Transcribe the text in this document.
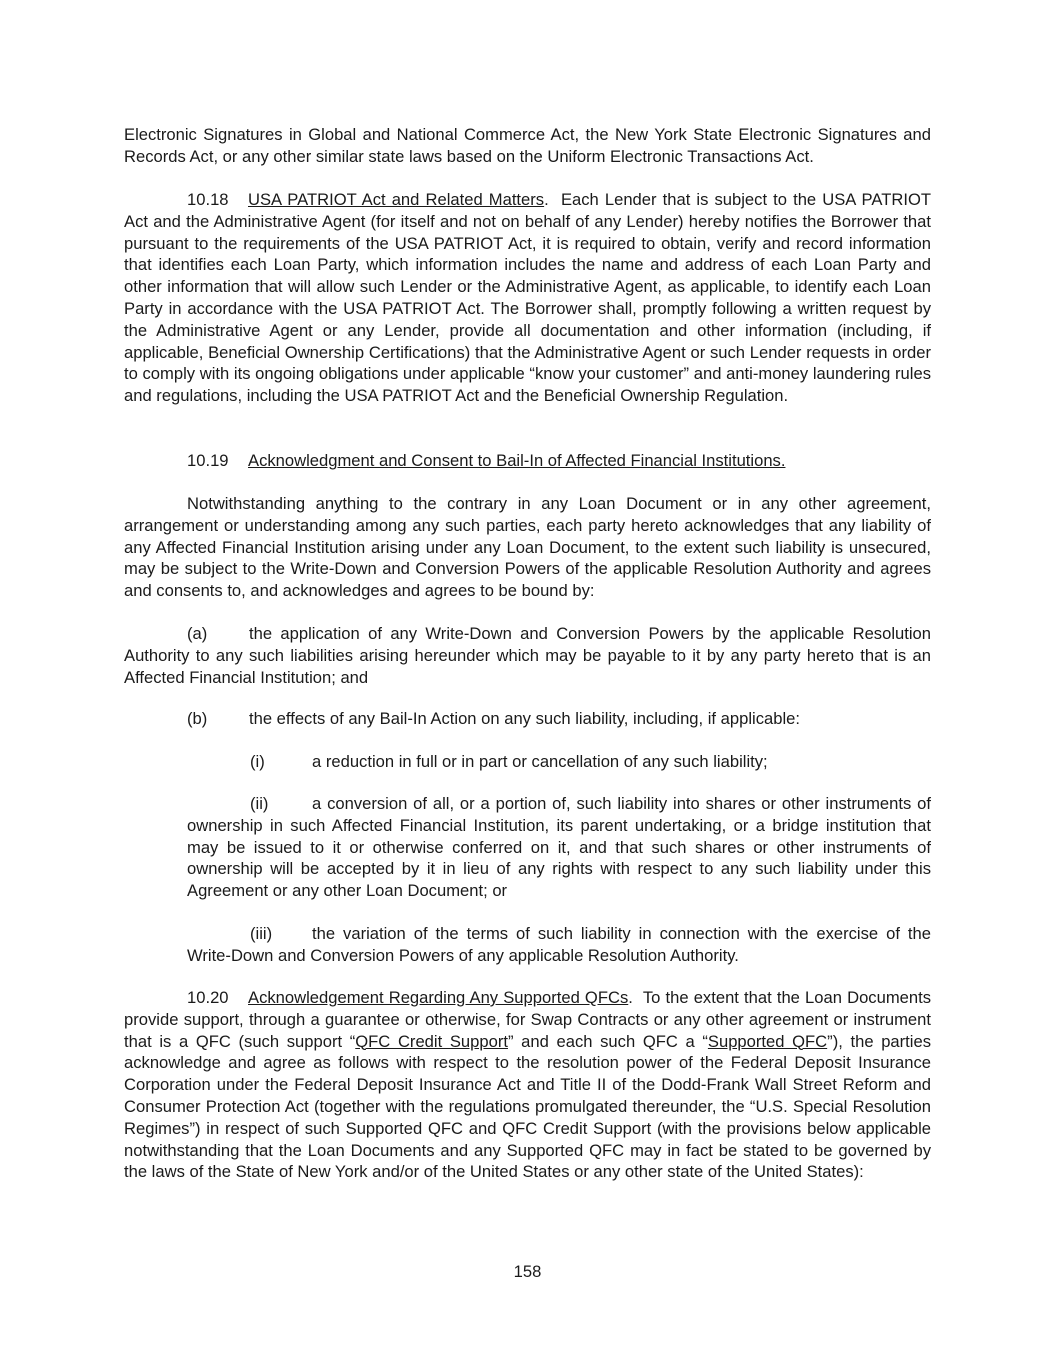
Electronic Signatures in Global and National Commerce Act, the New York State Electronic Signatures and Records Act, or any other similar state laws based on the Uniform Electronic Transactions Act.

10.18 USA PATRIOT Act and Related Matters. Each Lender that is subject to the USA PATRIOT Act and the Administrative Agent (for itself and not on behalf of any Lender) hereby notifies the Borrower that pursuant to the requirements of the USA PATRIOT Act, it is required to obtain, verify and record information that identifies each Loan Party, which information includes the name and address of each Loan Party and other information that will allow such Lender or the Administrative Agent, as applicable, to identify each Loan Party in accordance with the USA PATRIOT Act. The Borrower shall, promptly following a written request by the Administrative Agent or any Lender, provide all documentation and other information (including, if applicable, Beneficial Ownership Certifications) that the Administrative Agent or such Lender requests in order to comply with its ongoing obligations under applicable “know your customer” and anti-money laundering rules and regulations, including the USA PATRIOT Act and the Beneficial Ownership Regulation.

10.19 Acknowledgment and Consent to Bail-In of Affected Financial Institutions.

Notwithstanding anything to the contrary in any Loan Document or in any other agreement, arrangement or understanding among any such parties, each party hereto acknowledges that any liability of any Affected Financial Institution arising under any Loan Document, to the extent such liability is unsecured, may be subject to the Write-Down and Conversion Powers of the applicable Resolution Authority and agrees and consents to, and acknowledges and agrees to be bound by:

(a)	the application of any Write-Down and Conversion Powers by the applicable Resolution Authority to any such liabilities arising hereunder which may be payable to it by any party hereto that is an Affected Financial Institution; and

(b)	the effects of any Bail-In Action on any such liability, including, if applicable:

(i)	a reduction in full or in part or cancellation of any such liability;

(ii)	a conversion of all, or a portion of, such liability into shares or other instruments of ownership in such Affected Financial Institution, its parent undertaking, or a bridge institution that may be issued to it or otherwise conferred on it, and that such shares or other instruments of ownership will be accepted by it in lieu of any rights with respect to any such liability under this Agreement or any other Loan Document; or

(iii) the variation of the terms of such liability in connection with the exercise of the Write-Down and Conversion Powers of any applicable Resolution Authority.

10.20 Acknowledgement Regarding Any Supported QFCs. To the extent that the Loan Documents provide support, through a guarantee or otherwise, for Swap Contracts or any other agreement or instrument that is a QFC (such support “QFC Credit Support” and each such QFC a “Supported QFC”), the parties acknowledge and agree as follows with respect to the resolution power of the Federal Deposit Insurance Corporation under the Federal Deposit Insurance Act and Title II of the Dodd-Frank Wall Street Reform and Consumer Protection Act (together with the regulations promulgated thereunder, the “U.S. Special Resolution Regimes”) in respect of such Supported QFC and QFC Credit Support (with the provisions below applicable notwithstanding that the Loan Documents and any Supported QFC may in fact be stated to be governed by the laws of the State of New York and/or of the United States or any other state of the United States):

158
